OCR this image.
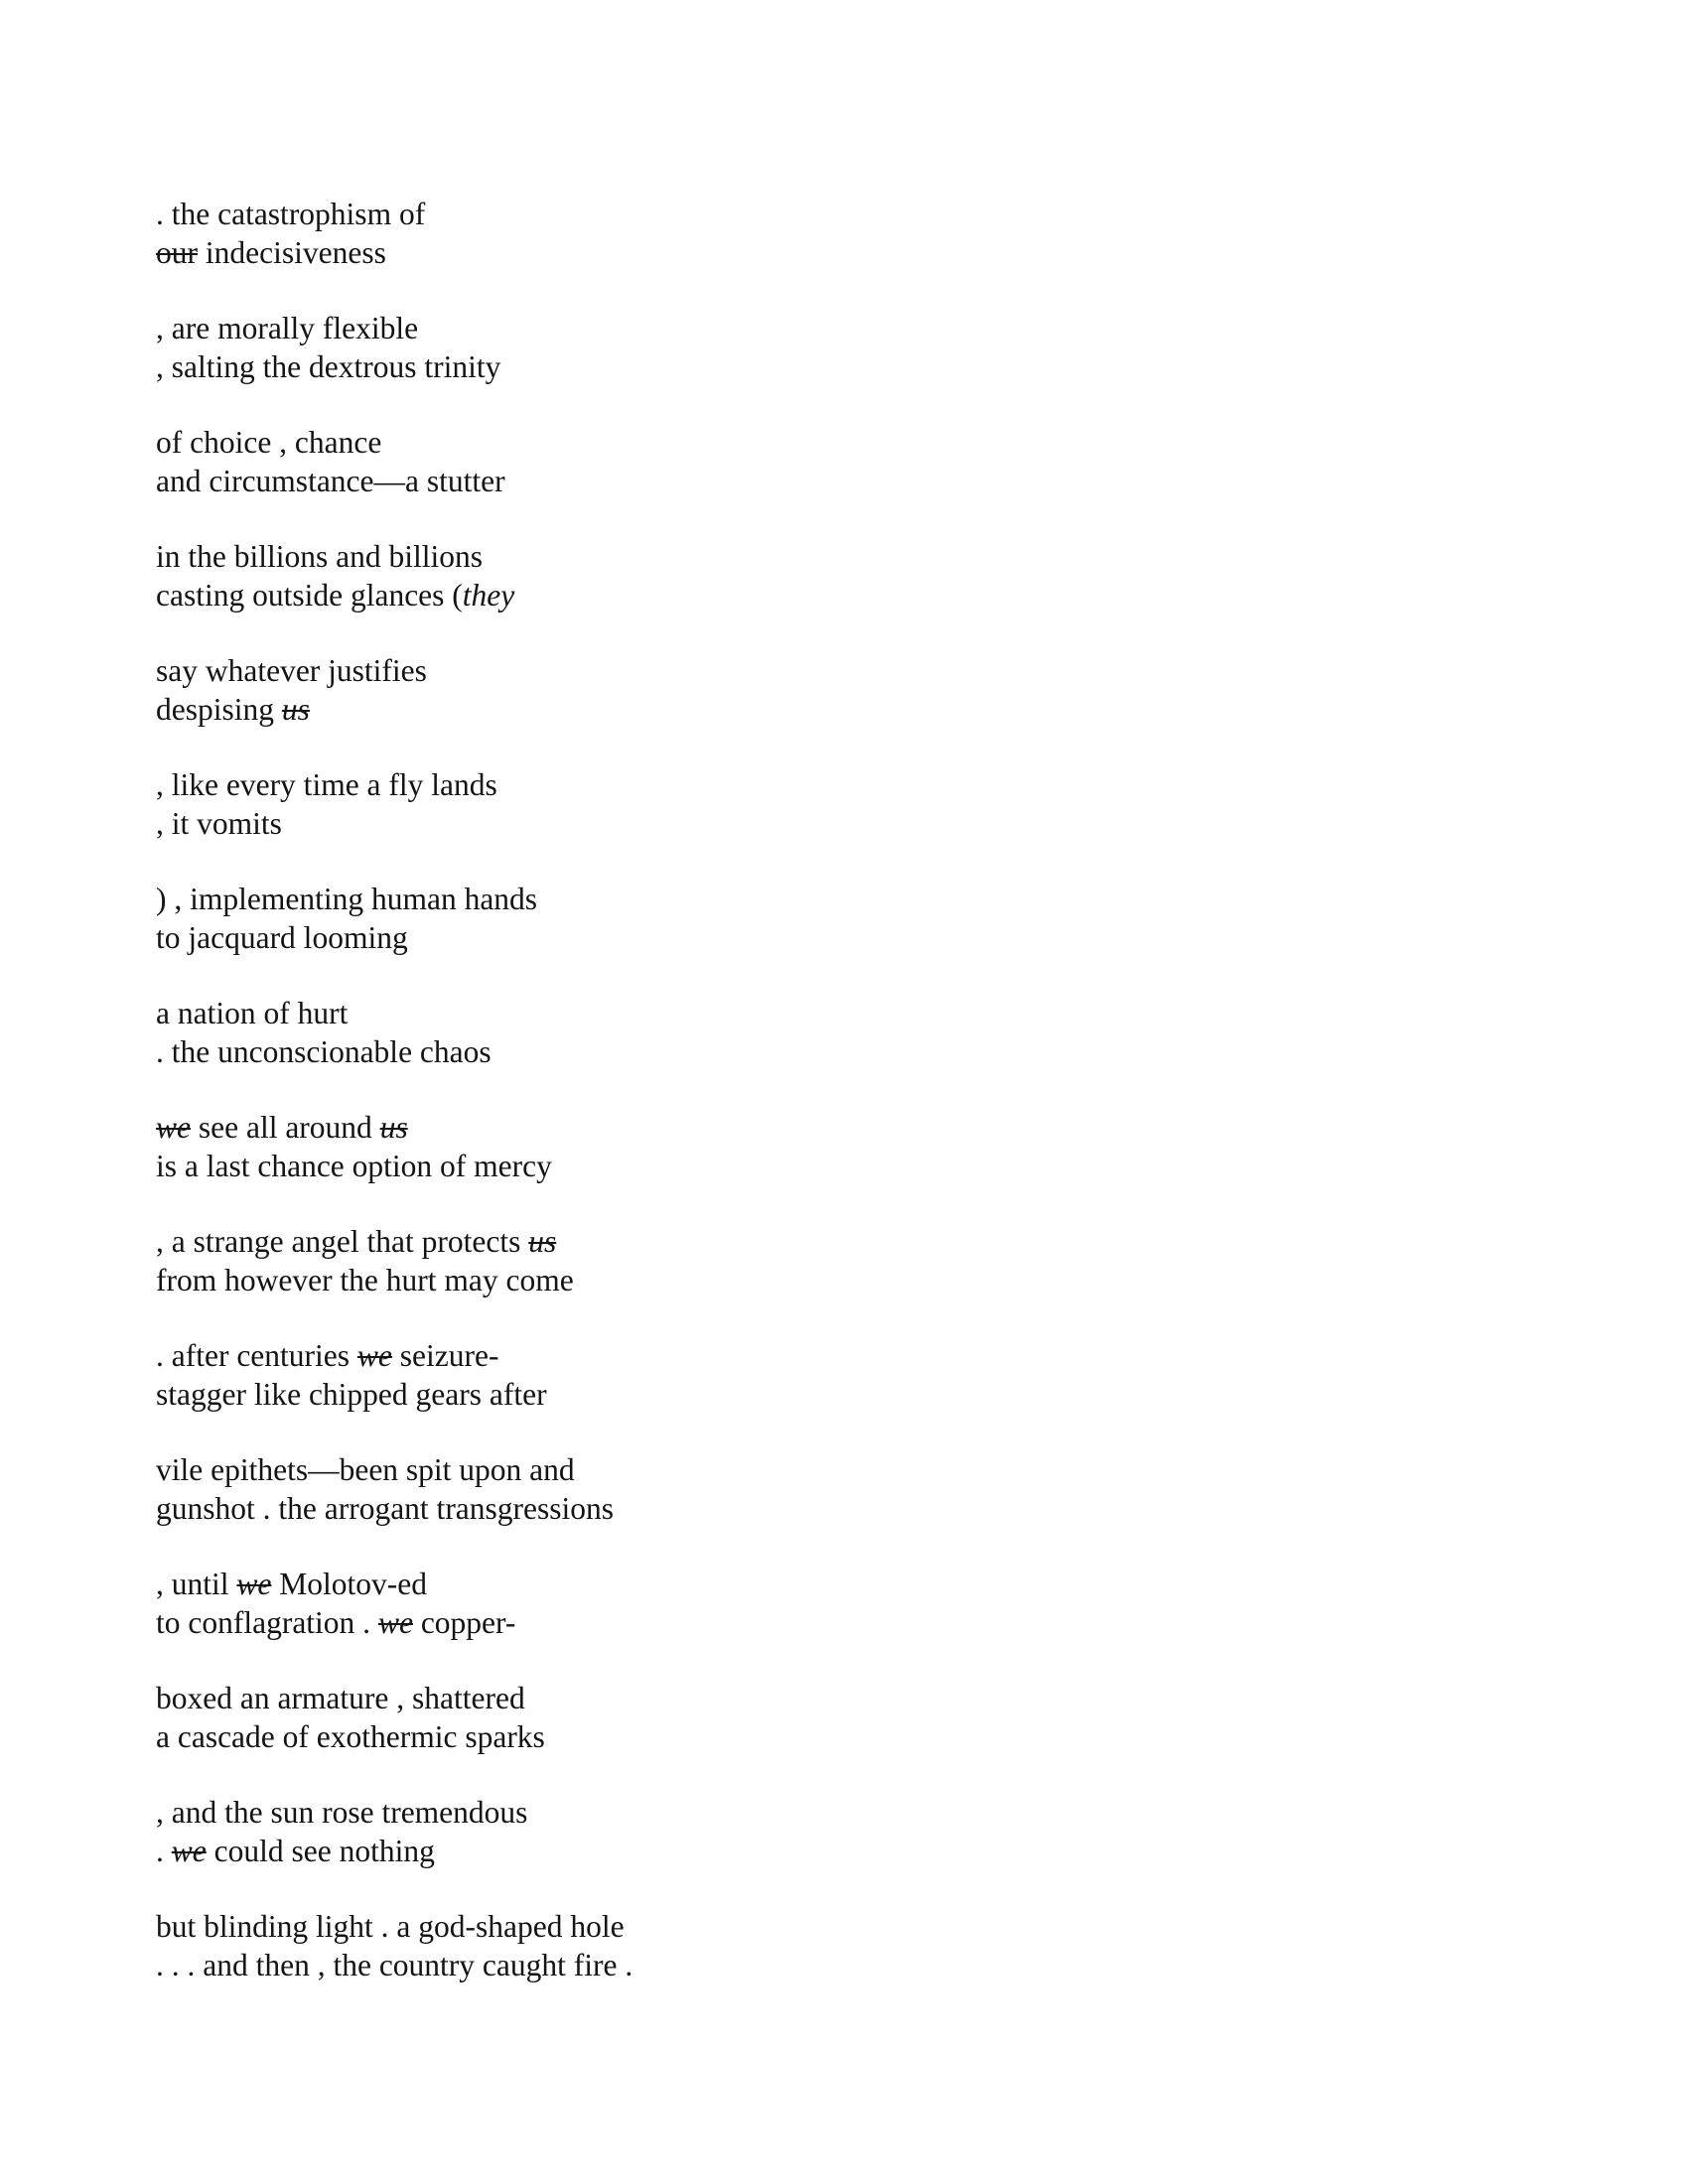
. the catastrophism of
our indecisiveness
, are morally flexible
, salting the dextrous trinity
of choice , chance
and circumstance—a stutter
in the billions and billions
casting outside glances (they
say whatever justifies
despising us
, like every time a fly lands
, it vomits
) , implementing human hands
to jacquard looming
a nation of hurt
. the unconscionable chaos
we see all around us
is a last chance option of mercy
, a strange angel that protects us
from however the hurt may come
. after centuries we seizure-
stagger like chipped gears after
vile epithets—been spit upon and
gunshot . the arrogant transgressions
, until we Molotov-ed
to conflagration . we copper-
boxed an armature , shattered
a cascade of exothermic sparks
, and the sun rose tremendous
. we could see nothing
but blinding light . a god-shaped hole
. . . and then , the country caught fire .
